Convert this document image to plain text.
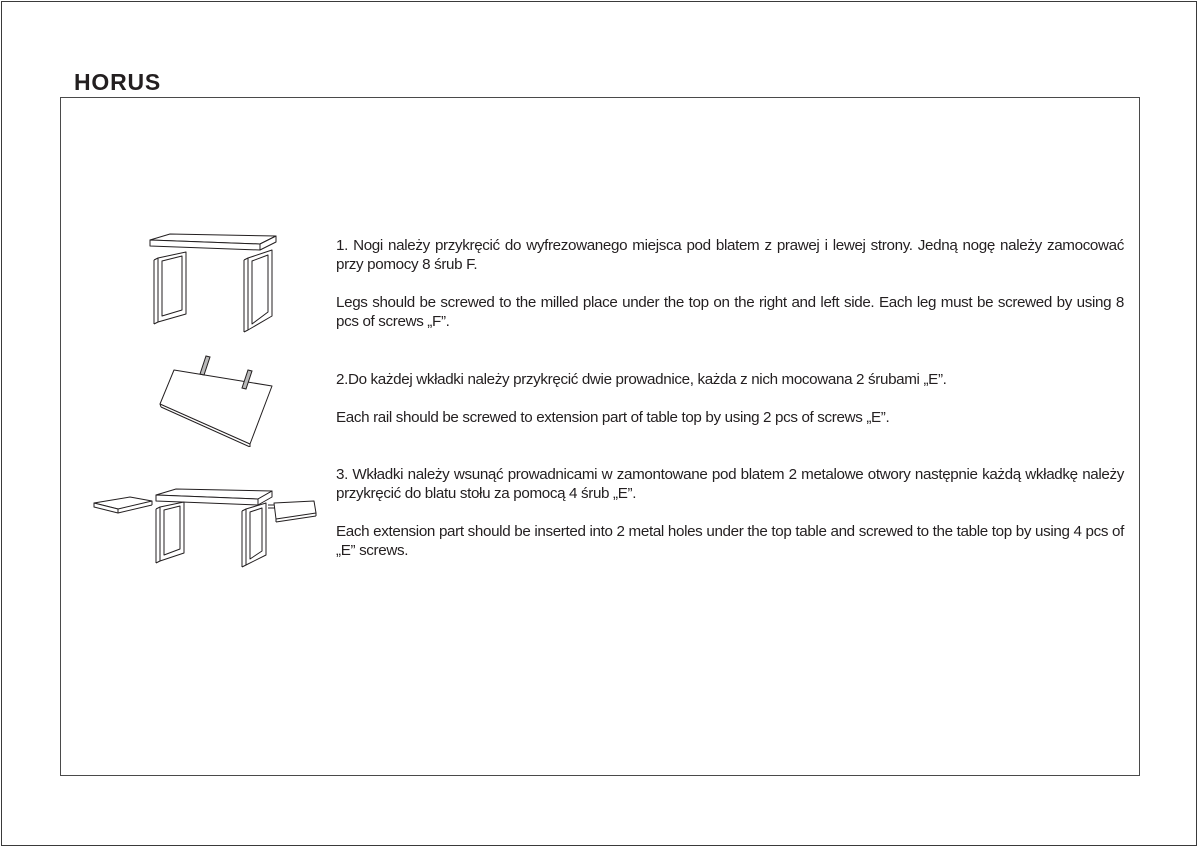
HORUS

1. Nogi należy przykręcić do wyfrezowanego miejsca pod blatem z prawej i lewej strony. Jedną nogę należy zamocować przy pomocy 8 śrub F.

Legs should be screwed to the milled place under the top on the right and left side. Each leg must be screwed by using 8 pcs of screws „F”.

2.Do każdej wkładki należy przykręcić dwie prowadnice, każda z nich mocowana 2 śrubami „E”.

Each rail should be screwed to extension part of table top by using 2 pcs of screws „E”.

3. Wkładki należy wsunąć prowadnicami w zamontowane pod blatem 2 metalowe otwory następnie każdą wkładkę należy przykręcić do blatu stołu za pomocą 4 śrub „E”.

Each extension part should be inserted into 2 metal holes under the top table and screwed to the table top by using 4 pcs of „E” screws.
